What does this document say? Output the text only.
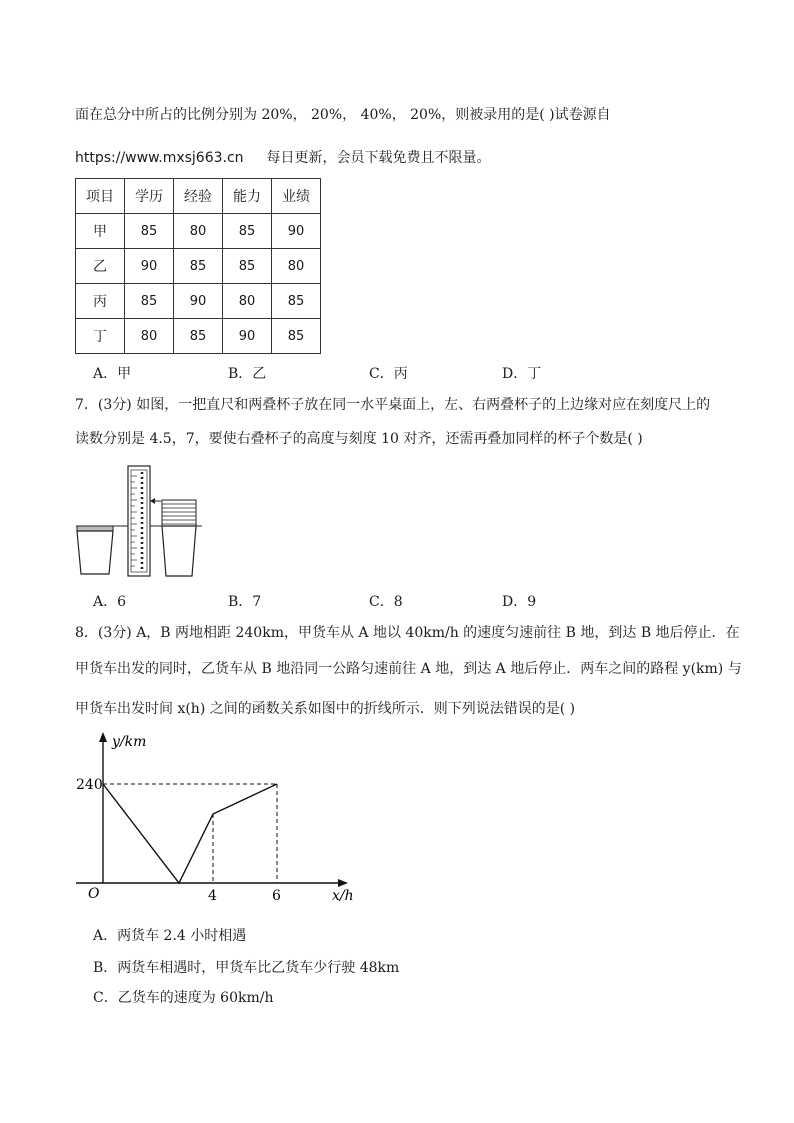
面在总分中所占的比例分别为 20%， 20%， 40%， 20%，则被录用的是( )试卷源自
https://www.mxsj663.cn 每日更新，会员下载免费且不限量。
项目	学历	经验	能力	业绩
甲	85	80	85	90
乙	90	85	85	80
丙	85	90	80	85
丁	80	85	90	85
A．甲	B．乙	C．丙	D．丁
7．(3分) 如图，一把直尺和两叠杯子放在同一水平桌面上，左、右两叠杯子的上边缘对应在刻度尺上的
读数分别是 4.5，7，要使右叠杯子的高度与刻度 10 对齐，还需再叠加同样的杯子个数是( )
A．6	B．7	C．8	D．9
8．(3分) A，B 两地相距 240km，甲货车从 A 地以 40km/h 的速度匀速前往 B 地，到达 B 地后停止．在
甲货车出发的同时，乙货车从 B 地沿同一公路匀速前往 A 地，到达 A 地后停止．两车之间的路程 y(km) 与
甲货车出发时间 x(h) 之间的函数关系如图中的折线所示．则下列说法错误的是( )
y/km
x/h
O
240
4	6
A．两货车 2.4 小时相遇
B．两货车相遇时，甲货车比乙货车少行驶 48km
C．乙货车的速度为 60km/h
